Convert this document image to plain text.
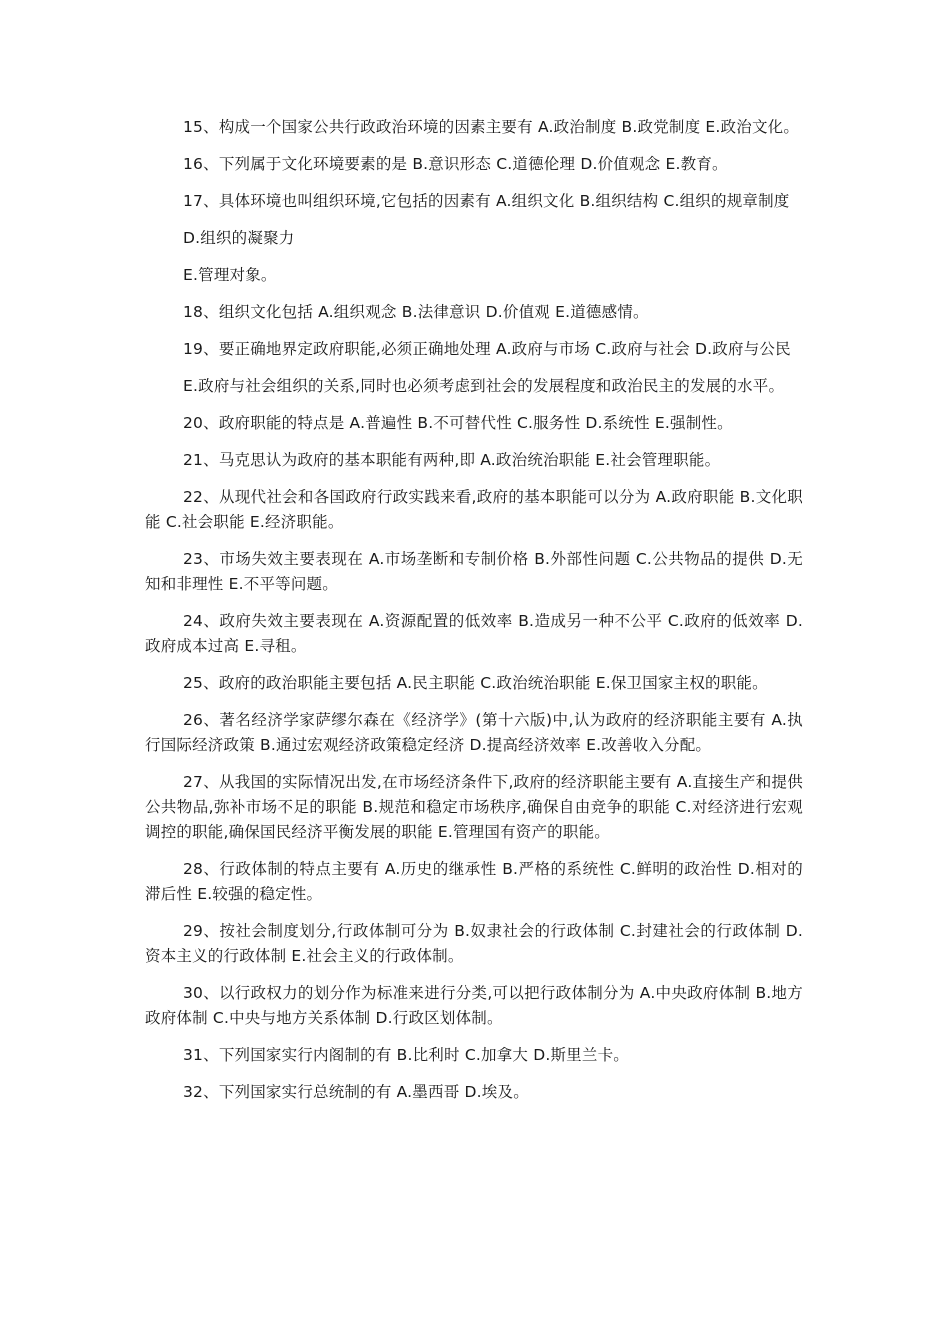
15、构成一个国家公共行政政治环境的因素主要有 A.政治制度 B.政党制度 E.政治文化。

16、下列属于文化环境要素的是 B.意识形态 C.道德伦理 D.价值观念 E.教育。

17、具体环境也叫组织环境,它包括的因素有 A.组织文化 B.组织结构 C.组织的规章制度

D.组织的凝聚力

E.管理对象。

18、组织文化包括 A.组织观念 B.法律意识 D.价值观 E.道德感情。

19、要正确地界定政府职能,必须正确地处理 A.政府与市场 C.政府与社会 D.政府与公民

E.政府与社会组织的关系,同时也必须考虑到社会的发展程度和政治民主的发展的水平。

20、政府职能的特点是 A.普遍性 B.不可替代性 C.服务性 D.系统性 E.强制性。

21、马克思认为政府的基本职能有两种,即 A.政治统治职能 E.社会管理职能。

22、从现代社会和各国政府行政实践来看,政府的基本职能可以分为 A.政府职能 B.文化职能 C.社会职能 E.经济职能。

23、市场失效主要表现在 A.市场垄断和专制价格 B.外部性问题 C.公共物品的提供 D.无知和非理性 E.不平等问题。

24、政府失效主要表现在 A.资源配置的低效率 B.造成另一种不公平 C.政府的低效率 D.政府成本过高 E.寻租。

25、政府的政治职能主要包括 A.民主职能 C.政治统治职能 E.保卫国家主权的职能。

26、著名经济学家萨缪尔森在《经济学》(第十六版)中,认为政府的经济职能主要有 A.执行国际经济政策 B.通过宏观经济政策稳定经济 D.提高经济效率 E.改善收入分配。

27、从我国的实际情况出发,在市场经济条件下,政府的经济职能主要有 A.直接生产和提供公共物品,弥补市场不足的职能 B.规范和稳定市场秩序,确保自由竞争的职能 C.对经济进行宏观调控的职能,确保国民经济平衡发展的职能 E.管理国有资产的职能。

28、行政体制的特点主要有 A.历史的继承性 B.严格的系统性 C.鲜明的政治性 D.相对的滞后性 E.较强的稳定性。

29、按社会制度划分,行政体制可分为 B.奴隶社会的行政体制 C.封建社会的行政体制 D.资本主义的行政体制 E.社会主义的行政体制。

30、以行政权力的划分作为标准来进行分类,可以把行政体制分为 A.中央政府体制 B.地方政府体制 C.中央与地方关系体制 D.行政区划体制。

31、下列国家实行内阁制的有 B.比利时 C.加拿大 D.斯里兰卡。

32、下列国家实行总统制的有 A.墨西哥 D.埃及。
